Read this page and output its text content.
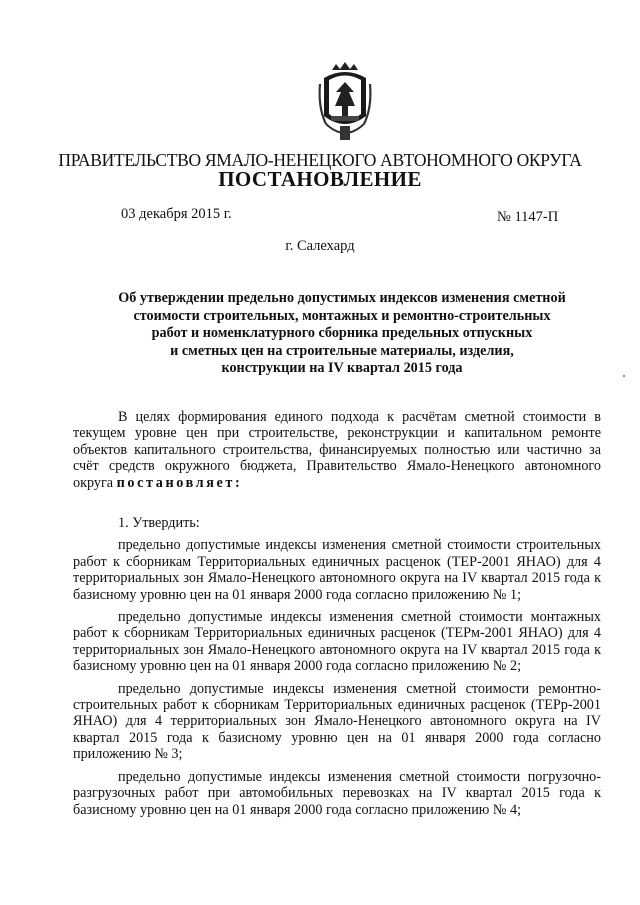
ПРАВИТЕЛЬСТВО ЯМАЛО-НЕНЕЦКОГО АВТОНОМНОГО ОКРУГА
ПОСТАНОВЛЕНИЕ
03 декабря 2015 г.	№ 1147-П
г. Салехард
Об утверждении предельно допустимых индексов изменения сметной
стоимости строительных, монтажных и ремонтно-строительных
работ и номенклатурного сборника предельных отпускных
и сметных цен на строительные материалы, изделия,
конструкции на IV квартал 2015 года

В целях формирования единого подхода к расчётам сметной стоимости в текущем уровне цен при строительстве, реконструкции и капитальном ремонте объектов капитального строительства, финансируемых полностью или частично за счёт средств окружного бюджета, Правительство Ямало-Ненецкого автономного округа постановляет:

1. Утвердить:

предельно допустимые индексы изменения сметной стоимости строительных работ к сборникам Территориальных единичных расценок (ТЕР-2001 ЯНАО) для 4 территориальных зон Ямало-Ненецкого автономного округа на IV квартал 2015 года к базисному уровню цен на 01 января 2000 года согласно приложению № 1;

предельно допустимые индексы изменения сметной стоимости монтажных работ к сборникам Территориальных единичных расценок (ТЕРм-2001 ЯНАО) для 4 территориальных зон Ямало-Ненецкого автономного округа на IV квартал 2015 года к базисному уровню цен на 01 января 2000 года согласно приложению № 2;

предельно допустимые индексы изменения сметной стоимости ремонтно-строительных работ к сборникам Территориальных единичных расценок (ТЕРр-2001 ЯНАО) для 4 территориальных зон Ямало-Ненецкого автономного округа на IV квартал 2015 года к базисному уровню цен на 01 января 2000 года согласно приложению № 3;

предельно допустимые индексы изменения сметной стоимости погрузочно-разгрузочных работ при автомобильных перевозках на IV квартал 2015 года к базисному уровню цен на 01 января 2000 года согласно приложению № 4;
